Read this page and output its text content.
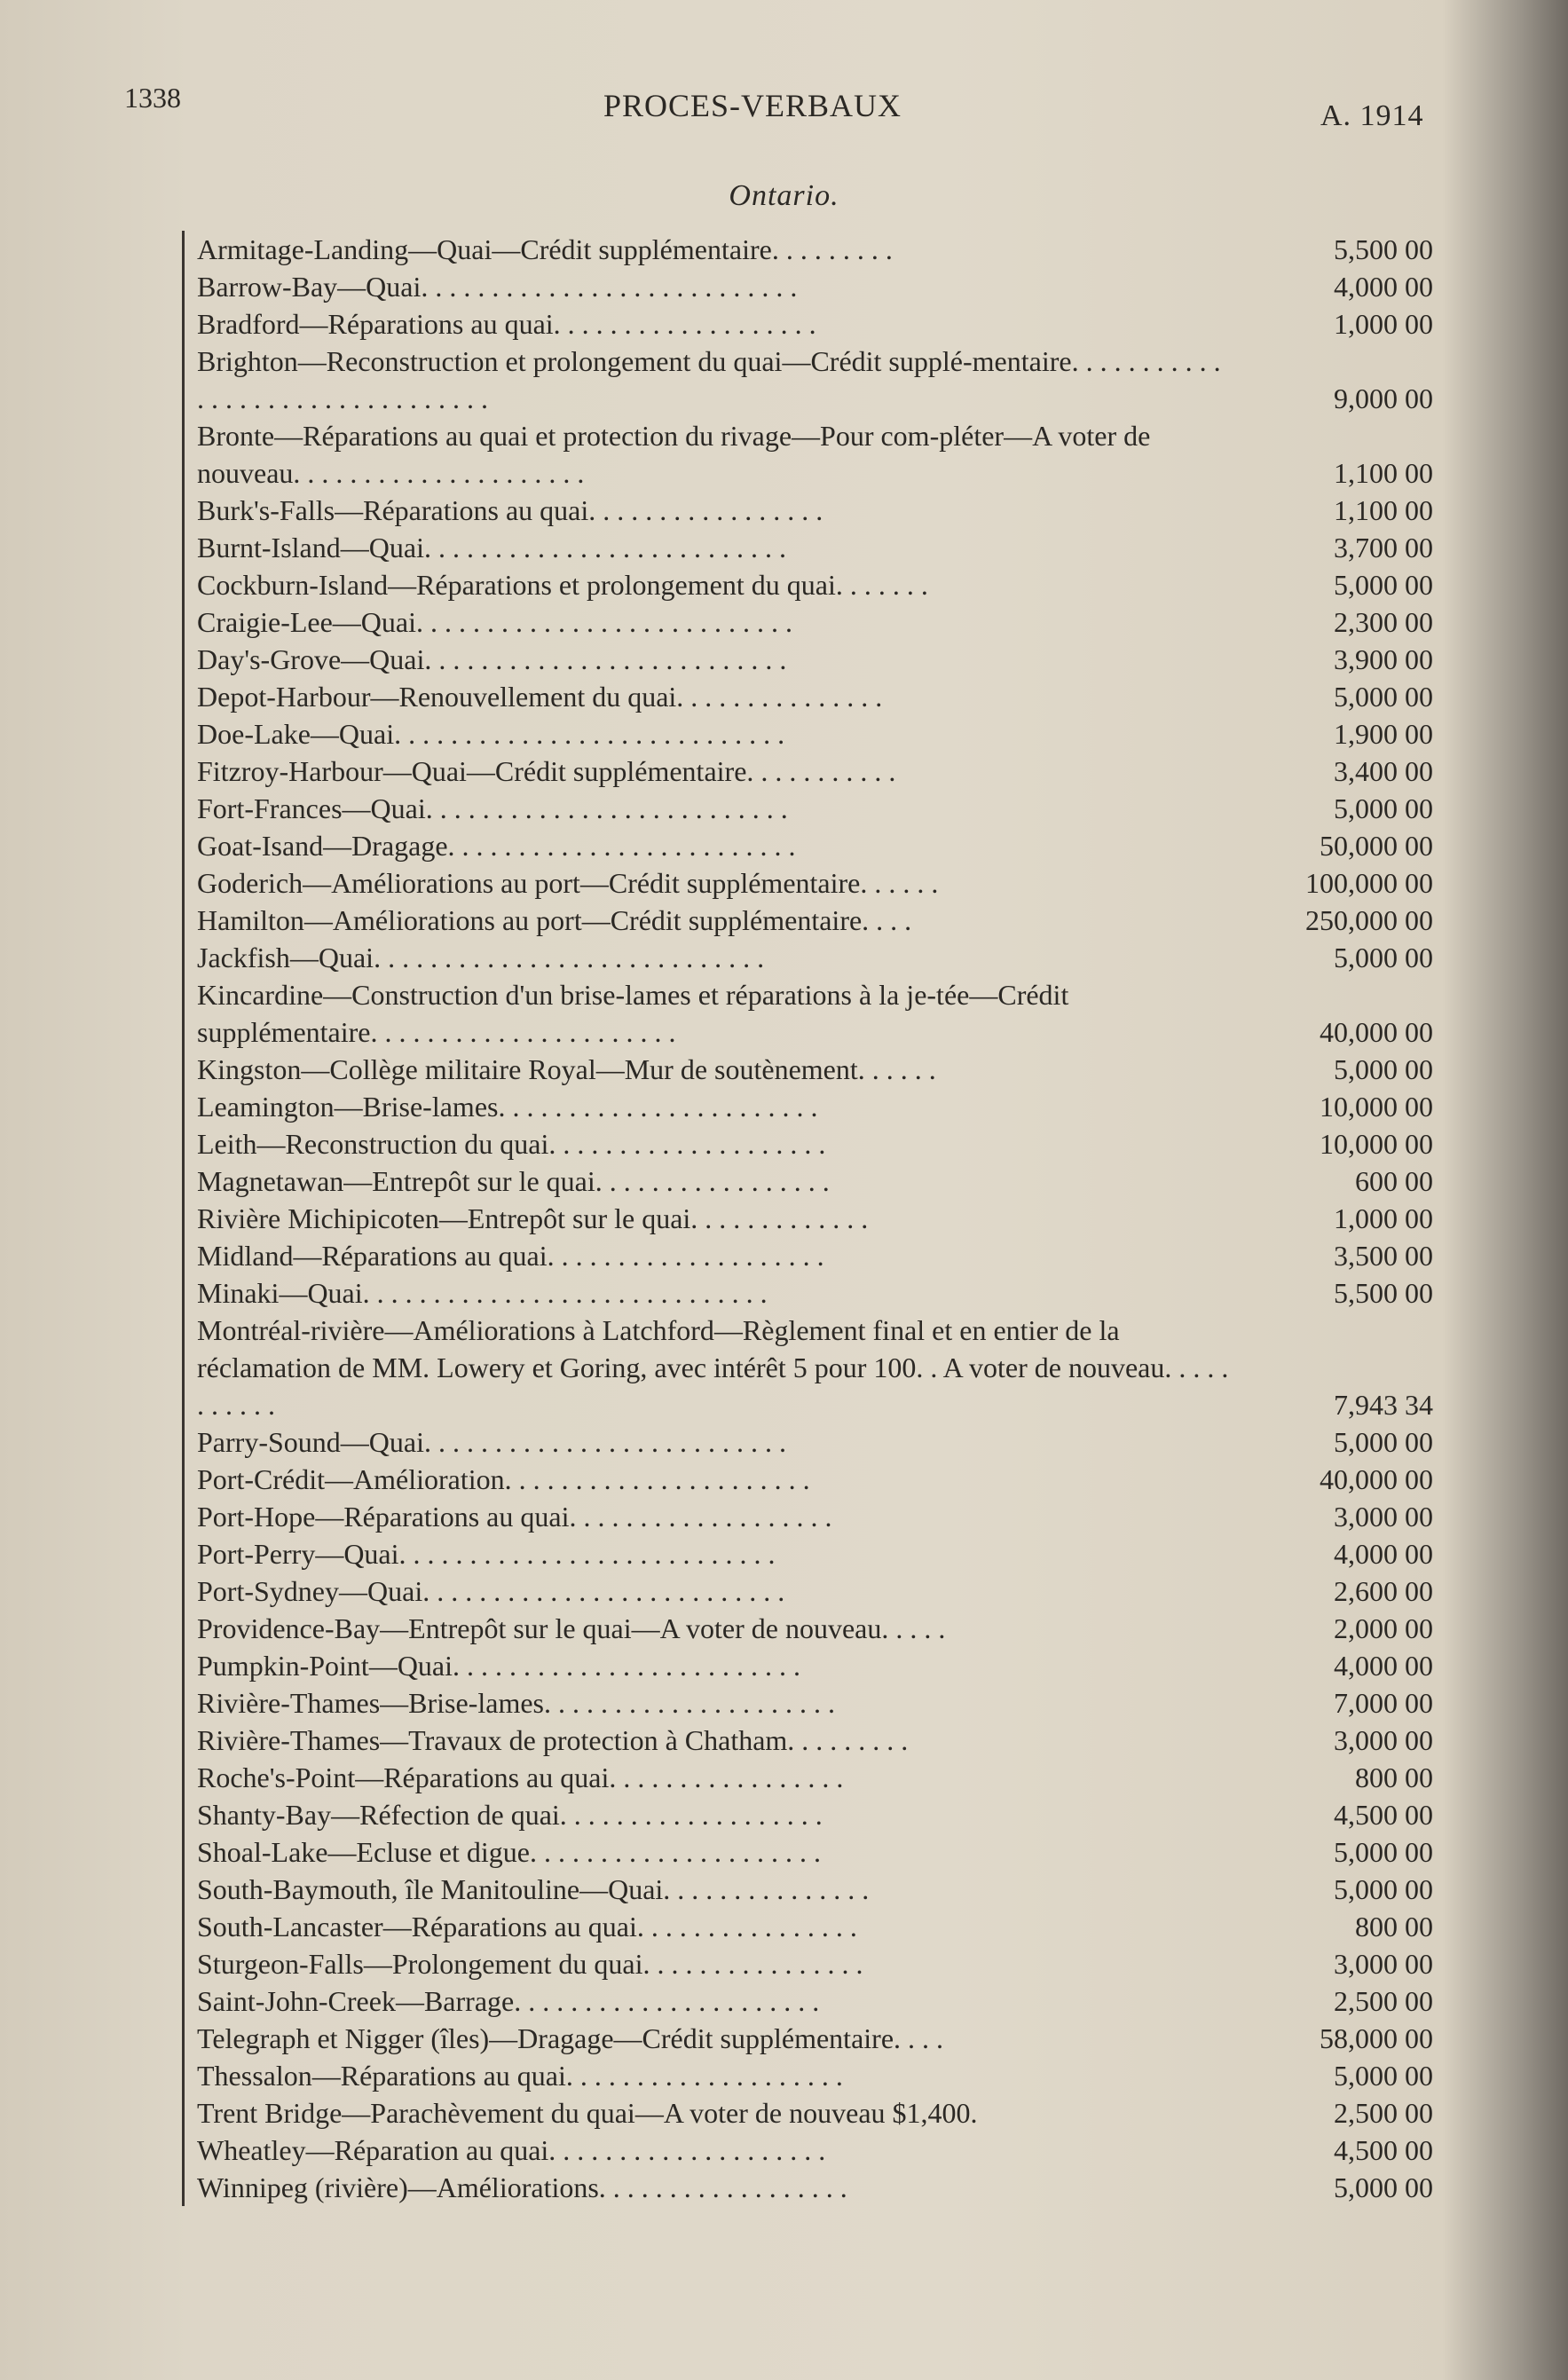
1338	PROCES-VERBAUX	A. 1914
Ontario.
Armitage-Landing—Quai—Crédit supplémentaire. . . . . . . . .	5,500 00
Barrow-Bay—Quai. . . . . . . . . . . . . . . . . . . . . . . . . . .	4,000 00
Bradford—Réparations au quai. . . . . . . . . . . . . . . . . . .	1,000 00
Brighton—Reconstruction et prolongement du quai—Crédit supplé-mentaire. . . . . . . . . . . . . . . . . . . . . . . . . . . . . . . .	9,000 00
Bronte—Réparations au quai et protection du rivage—Pour com-pléter—A voter de nouveau. . . . . . . . . . . . . . . . . . . . .	1,100 00
Burk's-Falls—Réparations au quai. . . . . . . . . . . . . . . . .	1,100 00
Burnt-Island—Quai. . . . . . . . . . . . . . . . . . . . . . . . . .	3,700 00
Cockburn-Island—Réparations et prolongement du quai. . . . . . .	5,000 00
Craigie-Lee—Quai. . . . . . . . . . . . . . . . . . . . . . . . . . .	2,300 00
Day's-Grove—Quai. . . . . . . . . . . . . . . . . . . . . . . . . .	3,900 00
Depot-Harbour—Renouvellement du quai. . . . . . . . . . . . . . .	5,000 00
Doe-Lake—Quai. . . . . . . . . . . . . . . . . . . . . . . . . . . .	1,900 00
Fitzroy-Harbour—Quai—Crédit supplémentaire. . . . . . . . . . .	3,400 00
Fort-Frances—Quai. . . . . . . . . . . . . . . . . . . . . . . . . .	5,000 00
Goat-Isand—Dragage. . . . . . . . . . . . . . . . . . . . . . . . .	50,000 00
Goderich—Améliorations au port—Crédit supplémentaire. . . . . .	100,000 00
Hamilton—Améliorations au port—Crédit supplémentaire. . . .	250,000 00
Jackfish—Quai. . . . . . . . . . . . . . . . . . . . . . . . . . . .	5,000 00
Kincardine—Construction d'un brise-lames et réparations à la je-tée—Crédit supplémentaire. . . . . . . . . . . . . . . . . . . . . .	40,000 00
Kingston—Collège militaire Royal—Mur de soutènement. . . . . .	5,000 00
Leamington—Brise-lames. . . . . . . . . . . . . . . . . . . . . . .	10,000 00
Leith—Reconstruction du quai. . . . . . . . . . . . . . . . . . . .	10,000 00
Magnetawan—Entrepôt sur le quai. . . . . . . . . . . . . . . . .	600 00
Rivière Michipicoten—Entrepôt sur le quai. . . . . . . . . . . . .	1,000 00
Midland—Réparations au quai. . . . . . . . . . . . . . . . . . . .	3,500 00
Minaki—Quai. . . . . . . . . . . . . . . . . . . . . . . . . . . . .	5,500 00
Montréal-rivière—Améliorations à Latchford—Règlement final et en entier de la réclamation de MM. Lowery et Goring, avec intérêt 5 pour 100. . A voter de nouveau. . . . . . . . . . .	7,943 34
Parry-Sound—Quai. . . . . . . . . . . . . . . . . . . . . . . . . .	5,000 00
Port-Crédit—Amélioration. . . . . . . . . . . . . . . . . . . . . .	40,000 00
Port-Hope—Réparations au quai. . . . . . . . . . . . . . . . . . .	3,000 00
Port-Perry—Quai. . . . . . . . . . . . . . . . . . . . . . . . . . .	4,000 00
Port-Sydney—Quai. . . . . . . . . . . . . . . . . . . . . . . . . .	2,600 00
Providence-Bay—Entrepôt sur le quai—A voter de nouveau. . . . .	2,000 00
Pumpkin-Point—Quai. . . . . . . . . . . . . . . . . . . . . . . . .	4,000 00
Rivière-Thames—Brise-lames. . . . . . . . . . . . . . . . . . . . .	7,000 00
Rivière-Thames—Travaux de protection à Chatham. . . . . . . . .	3,000 00
Roche's-Point—Réparations au quai. . . . . . . . . . . . . . . . .	800 00
Shanty-Bay—Réfection de quai. . . . . . . . . . . . . . . . . . .	4,500 00
Shoal-Lake—Ecluse et digue. . . . . . . . . . . . . . . . . . . . .	5,000 00
South-Baymouth, île Manitouline—Quai. . . . . . . . . . . . . . .	5,000 00
South-Lancaster—Réparations au quai. . . . . . . . . . . . . . . .	800 00
Sturgeon-Falls—Prolongement du quai. . . . . . . . . . . . . . . .	3,000 00
Saint-John-Creek—Barrage. . . . . . . . . . . . . . . . . . . . . .	2,500 00
Telegraph et Nigger (îles)—Dragage—Crédit supplémentaire. . . .	58,000 00
Thessalon—Réparations au quai. . . . . . . . . . . . . . . . . . . .	5,000 00
Trent Bridge—Parachèvement du quai—A voter de nouveau $1,400.	2,500 00
Wheatley—Réparation au quai. . . . . . . . . . . . . . . . . . . .	4,500 00
Winnipeg (rivière)—Améliorations. . . . . . . . . . . . . . . . . .	5,000 00
